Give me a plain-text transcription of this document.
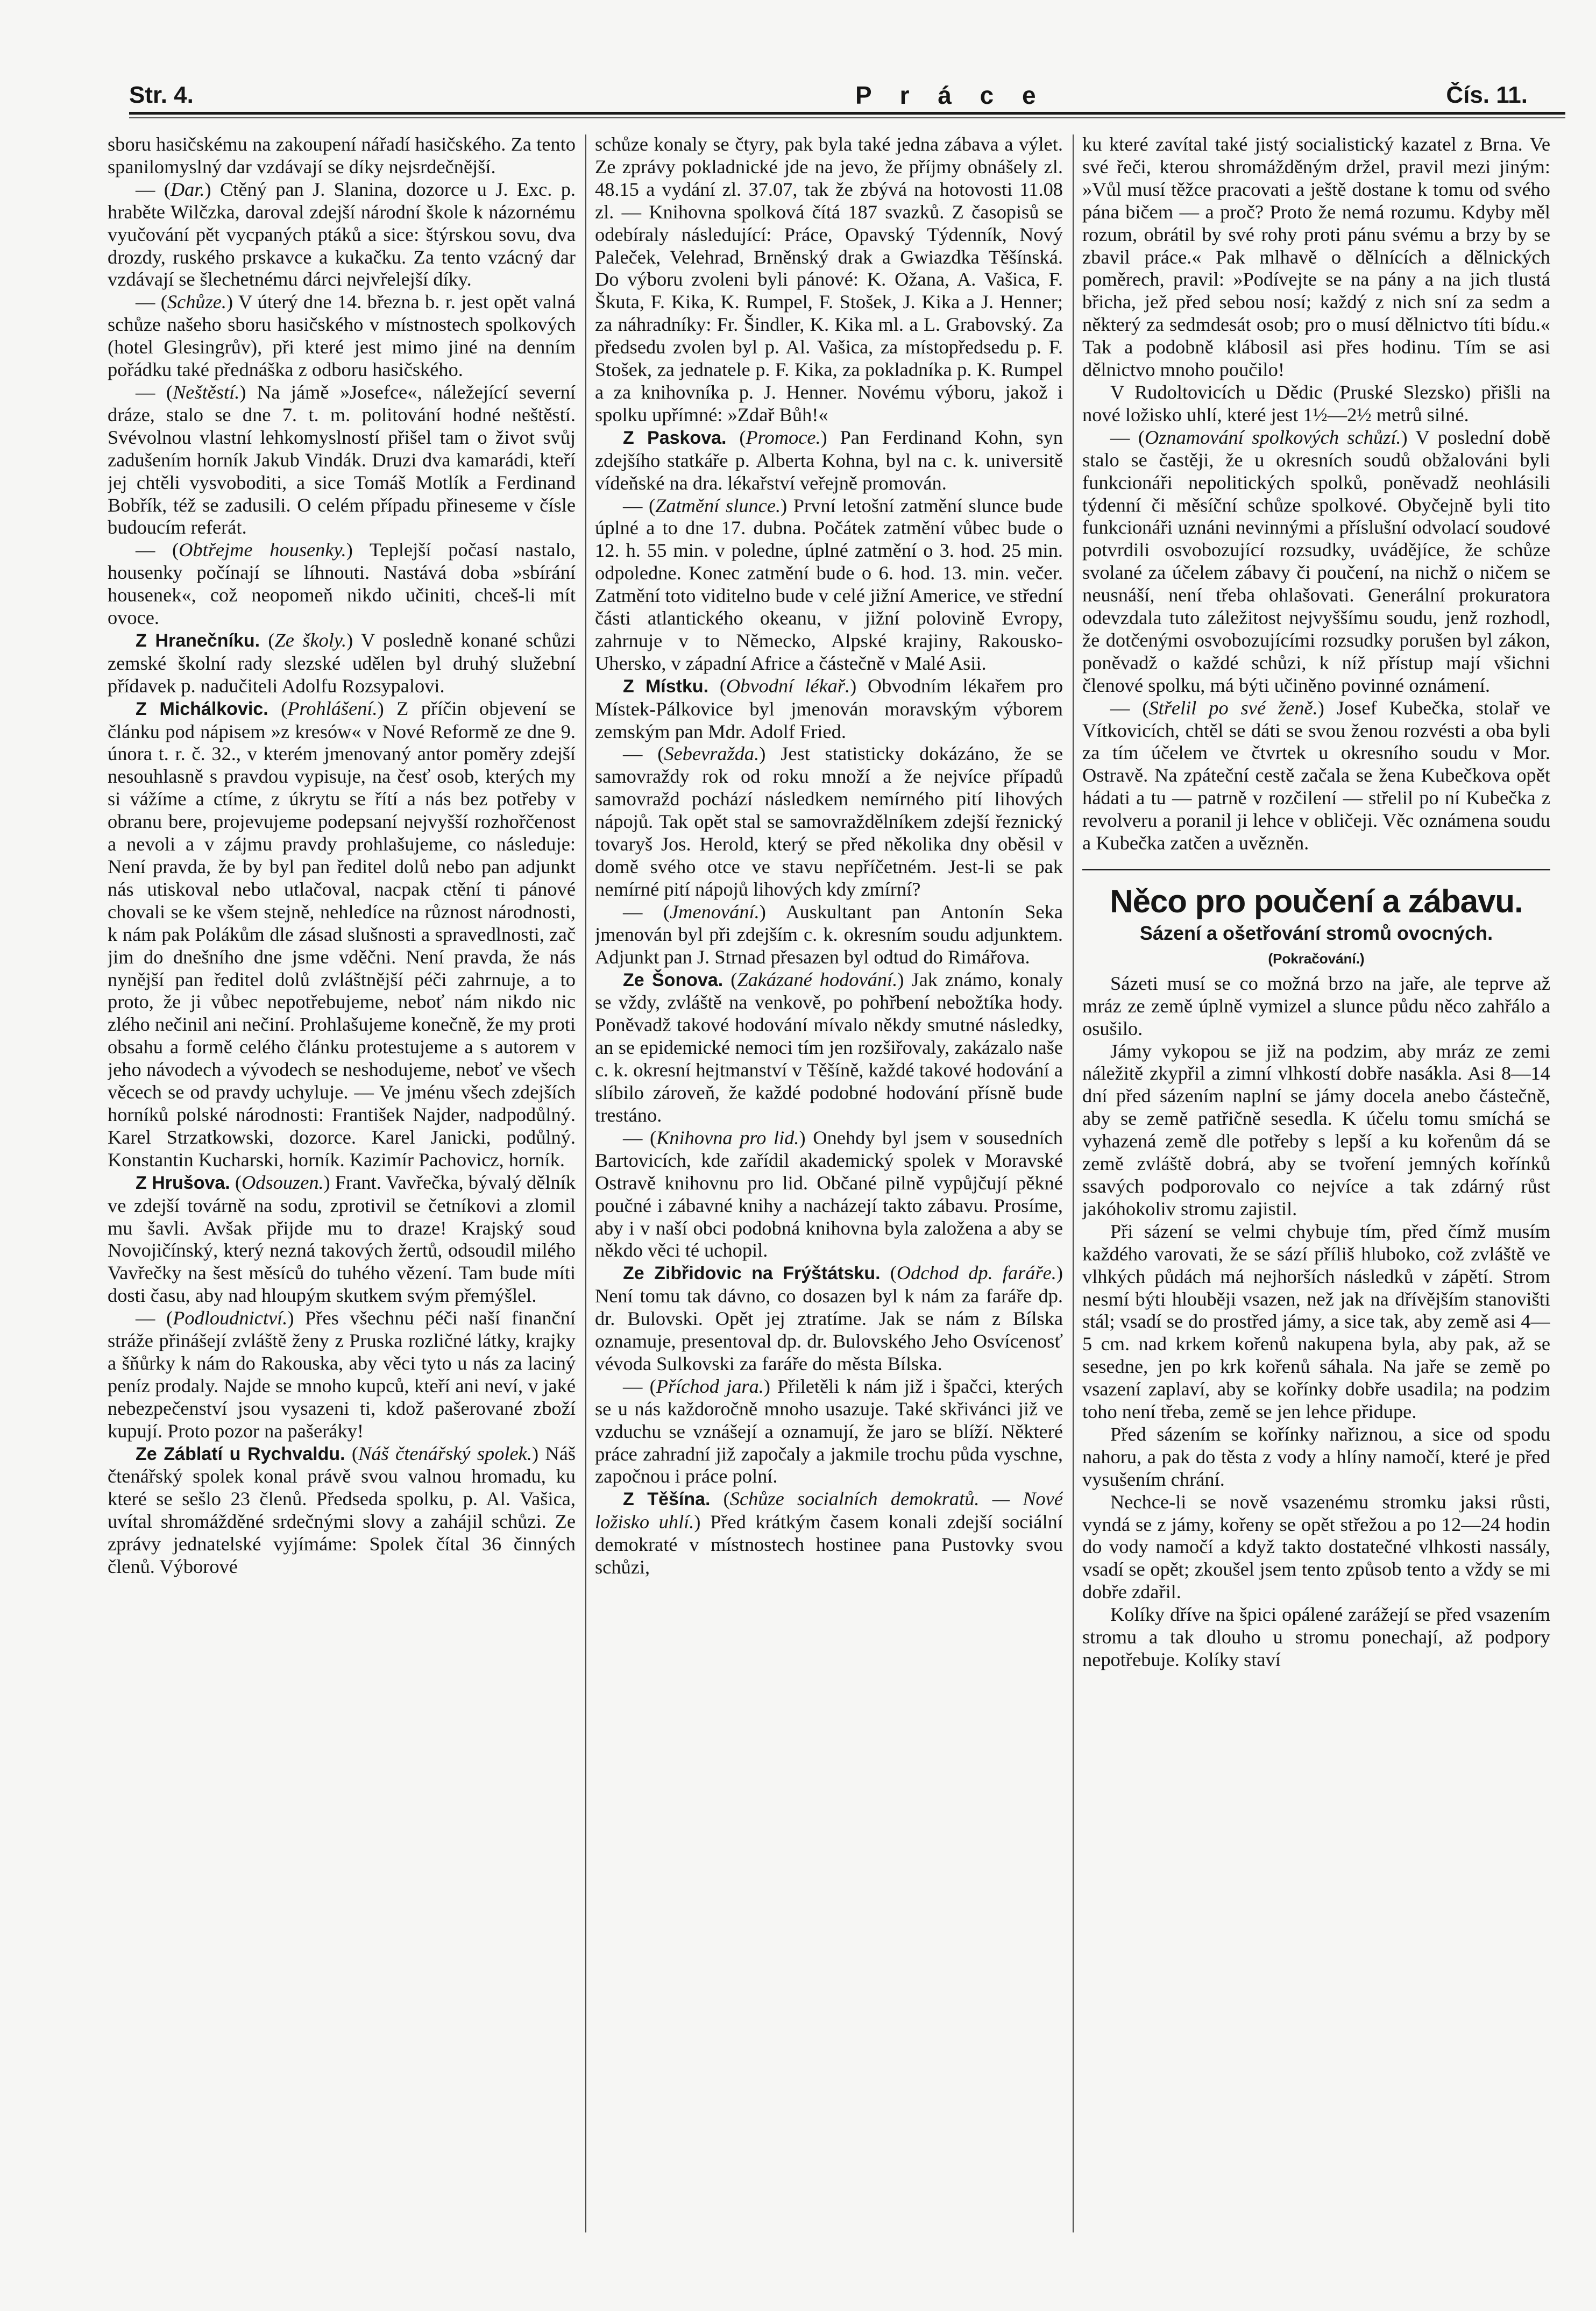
Str. 4.	P r á c e	Čís. 11.

sboru hasičskému na zakoupení nářadí hasičského. Za tento spanilomyslný dar vzdávají se díky nejsrdečnější.

— (Dar.) Ctěný pan J. Slanina, dozorce u J. Exc. p. hraběte Wilčzka, daroval zdejší národní škole k názornému vyučování pět vycpaných ptáků a sice: štýrskou sovu, dva drozdy, ruského prskavce a kukačku. Za tento vzácný dar vzdávají se šlechetnému dárci nejvřelejší díky.

— (Schůze.) V úterý dne 14. března b. r. jest opět valná schůze našeho sboru hasičského v místnostech spolkových (hotel Glesingrův), při které jest mimo jiné na denním pořádku také přednáška z odboru hasičského.

— (Neštěstí.) Na jámě »Josefce«, náležející severní dráze, stalo se dne 7. t. m. politování hodné neštěstí. Svévolnou vlastní lehkomyslností přišel tam o život svůj zadušením horník Jakub Vindák. Druzi dva kamarádi, kteří jej chtěli vysvoboditi, a sice Tomáš Motlík a Ferdinand Bobřík, též se zadusili. O celém případu přineseme v čísle budoucím referát.

— (Obtřejme housenky.) Teplejší počasí nastalo, housenky počínají se líhnouti. Nastává doba »sbírání housenek«, což neopomeň nikdo učiniti, chceš-li mít ovoce.

Z Hranečníku. (Ze školy.) V posledně konané schůzi zemské školní rady slezské udělen byl druhý služební přídavek p. nadučiteli Adolfu Rozsypalovi.

Z Michálkovic. (Prohlášení.) Z příčin objevení se článku pod nápisem »z kresów« v Nové Reformě ze dne 9. února t. r. č. 32., v kterém jmenovaný antor poměry zdejší nesouhlasně s pravdou vypisuje, na česť osob, kterých my si vážíme a ctíme, z úkrytu se řítí a nás bez potřeby v obranu bere, projevujeme podepsaní nejvyšší rozhořčenost a nevoli a v zájmu pravdy prohlašujeme, co následuje: Není pravda, že by byl pan ředitel dolů nebo pan adjunkt nás utiskoval nebo utlačoval, nacpak ctění ti pánové chovali se ke všem stejně, nehledíce na různost národnosti, k nám pak Polákům dle zásad slušnosti a spravedlnosti, zač jim do dnešního dne jsme vděčni. Není pravda, že nás nynější pan ředitel dolů zvláštnější péči zahrnuje, a to proto, že ji vůbec nepotřebujeme, neboť nám nikdo nic zlého nečinil ani nečiní. Prohlašujeme konečně, že my proti obsahu a formě celého článku protestujeme a s autorem v jeho návodech a vývodech se neshodujeme, neboť ve všech věcech se od pravdy uchyluje. — Ve jménu všech zdejších horníků polské národnosti: František Najder, nadpodůlný. Karel Strzatkowski, dozorce. Karel Janicki, podůlný. Konstantin Kucharski, horník. Kazimír Pachovicz, horník.

Z Hrušova. (Odsouzen.) Frant. Vavřečka, bývalý dělník ve zdejší továrně na sodu, zprotivil se četníkovi a zlomil mu šavli. Avšak přijde mu to draze! Krajský soud Novojičínský, který nezná takových žertů, odsoudil milého Vavřečky na šest měsíců do tuhého vězení. Tam bude míti dosti času, aby nad hloupým skutkem svým přemýšlel.

— (Podloudnictví.) Přes všechnu péči naší finanční stráže přinášejí zvláště ženy z Pruska rozličné látky, krajky a šňůrky k nám do Rakouska, aby věci tyto u nás za laciný peníz prodaly. Najde se mnoho kupců, kteří ani neví, v jaké nebezpečenství jsou vysazeni ti, kdož pašerované zboží kupují. Proto pozor na pašeráky!

Ze Záblatí u Rychvaldu. (Náš čtenářský spolek.) Náš čtenářský spolek konal právě svou valnou hromadu, ku které se sešlo 23 členů. Předseda spolku, p. Al. Vašica, uvítal shromážděné srdečnými slovy a zahájil schůzi. Ze zprávy jednatelské vyjímáme: Spolek čítal 36 činných členů. Výborové

schůze konaly se čtyry, pak byla také jedna zábava a výlet. Ze zprávy pokladnické jde na jevo, že příjmy obnášely zl. 48.15 a vydání zl. 37.07, tak že zbývá na hotovosti 11.08 zl. — Knihovna spolková čítá 187 svazků. Z časopisů se odebíraly následující: Práce, Opavský Týdenník, Nový Paleček, Velehrad, Brněnský drak a Gwiazdka Těšínská. Do výboru zvoleni byli pánové: K. Ožana, A. Vašica, F. Škuta, F. Kika, K. Rumpel, F. Stošek, J. Kika a J. Henner; za náhradníky: Fr. Šindler, K. Kika ml. a L. Grabovský. Za předsedu zvolen byl p. Al. Vašica, za místopředsedu p. F. Stošek, za jednatele p. F. Kika, za pokladníka p. K. Rumpel a za knihovníka p. J. Henner. Novému výboru, jakož i spolku upřímné: »Zdař Bůh!«

Z Paskova. (Promoce.) Pan Ferdinand Kohn, syn zdejšího statkáře p. Alberta Kohna, byl na c. k. universitě vídeňské na dra. lékařství veřejně promován.

— (Zatmění slunce.) První letošní zatmění slunce bude úplné a to dne 17. dubna. Počátek zatmění vůbec bude o 12. h. 55 min. v poledne, úplné zatmění o 3. hod. 25 min. odpoledne. Konec zatmění bude o 6. hod. 13. min. večer. Zatmění toto viditelno bude v celé jižní Americe, ve střední části atlantického okeanu, v jižní polovině Evropy, zahrnuje v to Německo, Alpské krajiny, Rakousko-Uhersko, v západní Africe a částečně v Malé Asii.

Z Místku. (Obvodní lékař.) Obvodním lékařem pro Místek-Pálkovice byl jmenován moravským výborem zemským pan Mdr. Adolf Fried.

— (Sebevražda.) Jest statisticky dokázáno, že se samovraždy rok od roku množí a že nejvíce případů samovražd pochází následkem nemírného pití lihových nápojů. Tak opět stal se samovraždělníkem zdejší řeznický tovaryš Jos. Herold, který se před několika dny oběsil v domě svého otce ve stavu nepříčetném. Jest-li se pak nemírné pití nápojů lihových kdy zmírní?

— (Jmenování.) Auskultant pan Antonín Seka jmenován byl při zdejším c. k. okresním soudu adjunktem. Adjunkt pan J. Strnad přesazen byl odtud do Rimářova.

Ze Šonova. (Zakázané hodování.) Jak známo, konaly se vždy, zvláště na venkově, po pohřbení nebožtíka hody. Poněvadž takové hodování mívalo někdy smutné následky, an se epidemické nemoci tím jen rozšiřovaly, zakázalo naše c. k. okresní hejtmanství v Těšíně, každé takové hodování a slíbilo zároveň, že každé podobné hodování přísně bude trestáno.

— (Knihovna pro lid.) Onehdy byl jsem v sousedních Bartovicích, kde zařídil akademický spolek v Moravské Ostravě knihovnu pro lid. Občané pilně vypůjčují pěkné poučné i zábavné knihy a nacházejí takto zábavu. Prosíme, aby i v naší obci podobná knihovna byla založena a aby se někdo věci té uchopil.

Ze Zibřidovic na Frýštátsku. (Odchod dp. faráře.) Není tomu tak dávno, co dosazen byl k nám za faráře dp. dr. Bulovski. Opět jej ztratíme. Jak se nám z Bílska oznamuje, presentoval dp. dr. Bulovského Jeho Osvícenosť vévoda Sulkovski za faráře do města Bílska.

— (Příchod jara.) Přiletěli k nám již i špačci, kterých se u nás každoročně mnoho usazuje. Také skřivánci již ve vzduchu se vznášejí a oznamují, že jaro se blíží. Některé práce zahradní již započaly a jakmile trochu půda vyschne, započnou i práce polní.

Z Těšína. (Schůze socialních demokratů. — Nové ložisko uhlí.) Před krátkým časem konali zdejší sociální demokraté v místnostech hostinee pana Pustovky svou schůzi,

ku které zavítal také jistý socialistický kazatel z Brna. Ve své řeči, kterou shromážděným držel, pravil mezi jiným: »Vůl musí těžce pracovati a ještě dostane k tomu od svého pána bičem — a proč? Proto že nemá rozumu. Kdyby měl rozum, obrátil by své rohy proti pánu svému a brzy by se zbavil práce.« Pak mlhavě o dělnících a dělnických poměrech, pravil: »Podívejte se na pány a na jich tlustá břicha, jež před sebou nosí; každý z nich sní za sedm a některý za sedmdesát osob; pro o musí dělnictvo títi bídu.« Tak a podobně klábosil asi přes hodinu. Tím se asi dělnictvo mnoho poučilo!

V Rudoltovicích u Dědic (Pruské Slezsko) přišli na nové ložisko uhlí, které jest 1½—2½ metrů silné.

— (Oznamování spolkových schůzí.) V poslední době stalo se častěji, že u okresních soudů obžalováni byli funkcionáři nepolitických spolků, poněvadž neohlásili týdenní či měsíční schůze spolkové. Obyčejně byli tito funkcionáři uznáni nevinnými a příslušní odvolací soudové potvrdili osvobozující rozsudky, uvádějíce, že schůze svolané za účelem zábavy či poučení, na nichž o ničem se neusnáší, není třeba ohlašovati. Generální prokuratora odevzdala tuto záležitost nejvyššímu soudu, jenž rozhodl, že dotčenými osvobozujícími rozsudky porušen byl zákon, poněvadž o každé schůzi, k níž přístup mají všichni členové spolku, má býti učiněno povinné oznámení.

— (Střelil po své ženě.) Josef Kubečka, stolař ve Vítkovicích, chtěl se dáti se svou ženou rozvésti a oba byli za tím účelem ve čtvrtek u okresního soudu v Mor. Ostravě. Na zpáteční cestě začala se žena Kubečkova opět hádati a tu — patrně v rozčilení — střelil po ní Kubečka z revolveru a poranil ji lehce v obličeji. Věc oznámena soudu a Kubečka zatčen a uvězněn.

Něco pro poučení a zábavu.
Sázení a ošetřování stromů ovocných.
(Pokračování.)

Sázeti musí se co možná brzo na jaře, ale teprve až mráz ze země úplně vymizel a slunce půdu něco zahřálo a osušilo.

Jámy vykopou se již na podzim, aby mráz ze zemi náležitě zkypřil a zimní vlhkostí dobře nasákla. Asi 8—14 dní před sázením naplní se jámy docela anebo částečně, aby se země patřičně sesedla. K účelu tomu smíchá se vyhazená země dle potřeby s lepší a ku kořenům dá se země zvláště dobrá, aby se tvoření jemných kořínků ssavých podporovalo co nejvíce a tak zdárný růst jakóhokoliv stromu zajistil.

Při sázení se velmi chybuje tím, před čímž musím každého varovati, že se sází příliš hluboko, což zvláště ve vlhkých půdách má nejhorších následků v zápětí. Strom nesmí býti hlouběji vsazen, než jak na dřívějším stanovišti stál; vsadí se do prostřed jámy, a sice tak, aby země asi 4—5 cm. nad krkem kořenů nakupena byla, aby pak, až se sesedne, jen po krk kořenů sáhala. Na jaře se země po vsazení zaplaví, aby se kořínky dobře usadila; na podzim toho není třeba, země se jen lehce přidupe.

Před sázením se kořínky nařiznou, a sice od spodu nahoru, a pak do těsta z vody a hlíny namočí, které je před vysušením chrání.

Nechce-li se nově vsazenému stromku jaksi růsti, vyndá se z jámy, kořeny se opět střežou a po 12—24 hodin do vody namočí a když takto dostatečné vlhkosti nassály, vsadí se opět; zkoušel jsem tento způsob tento a vždy se mi dobře zdařil.

Kolíky dříve na špici opálené zarážejí se před vsazením stromu a tak dlouho u stromu ponechají, až podpory nepotřebuje. Kolíky staví
